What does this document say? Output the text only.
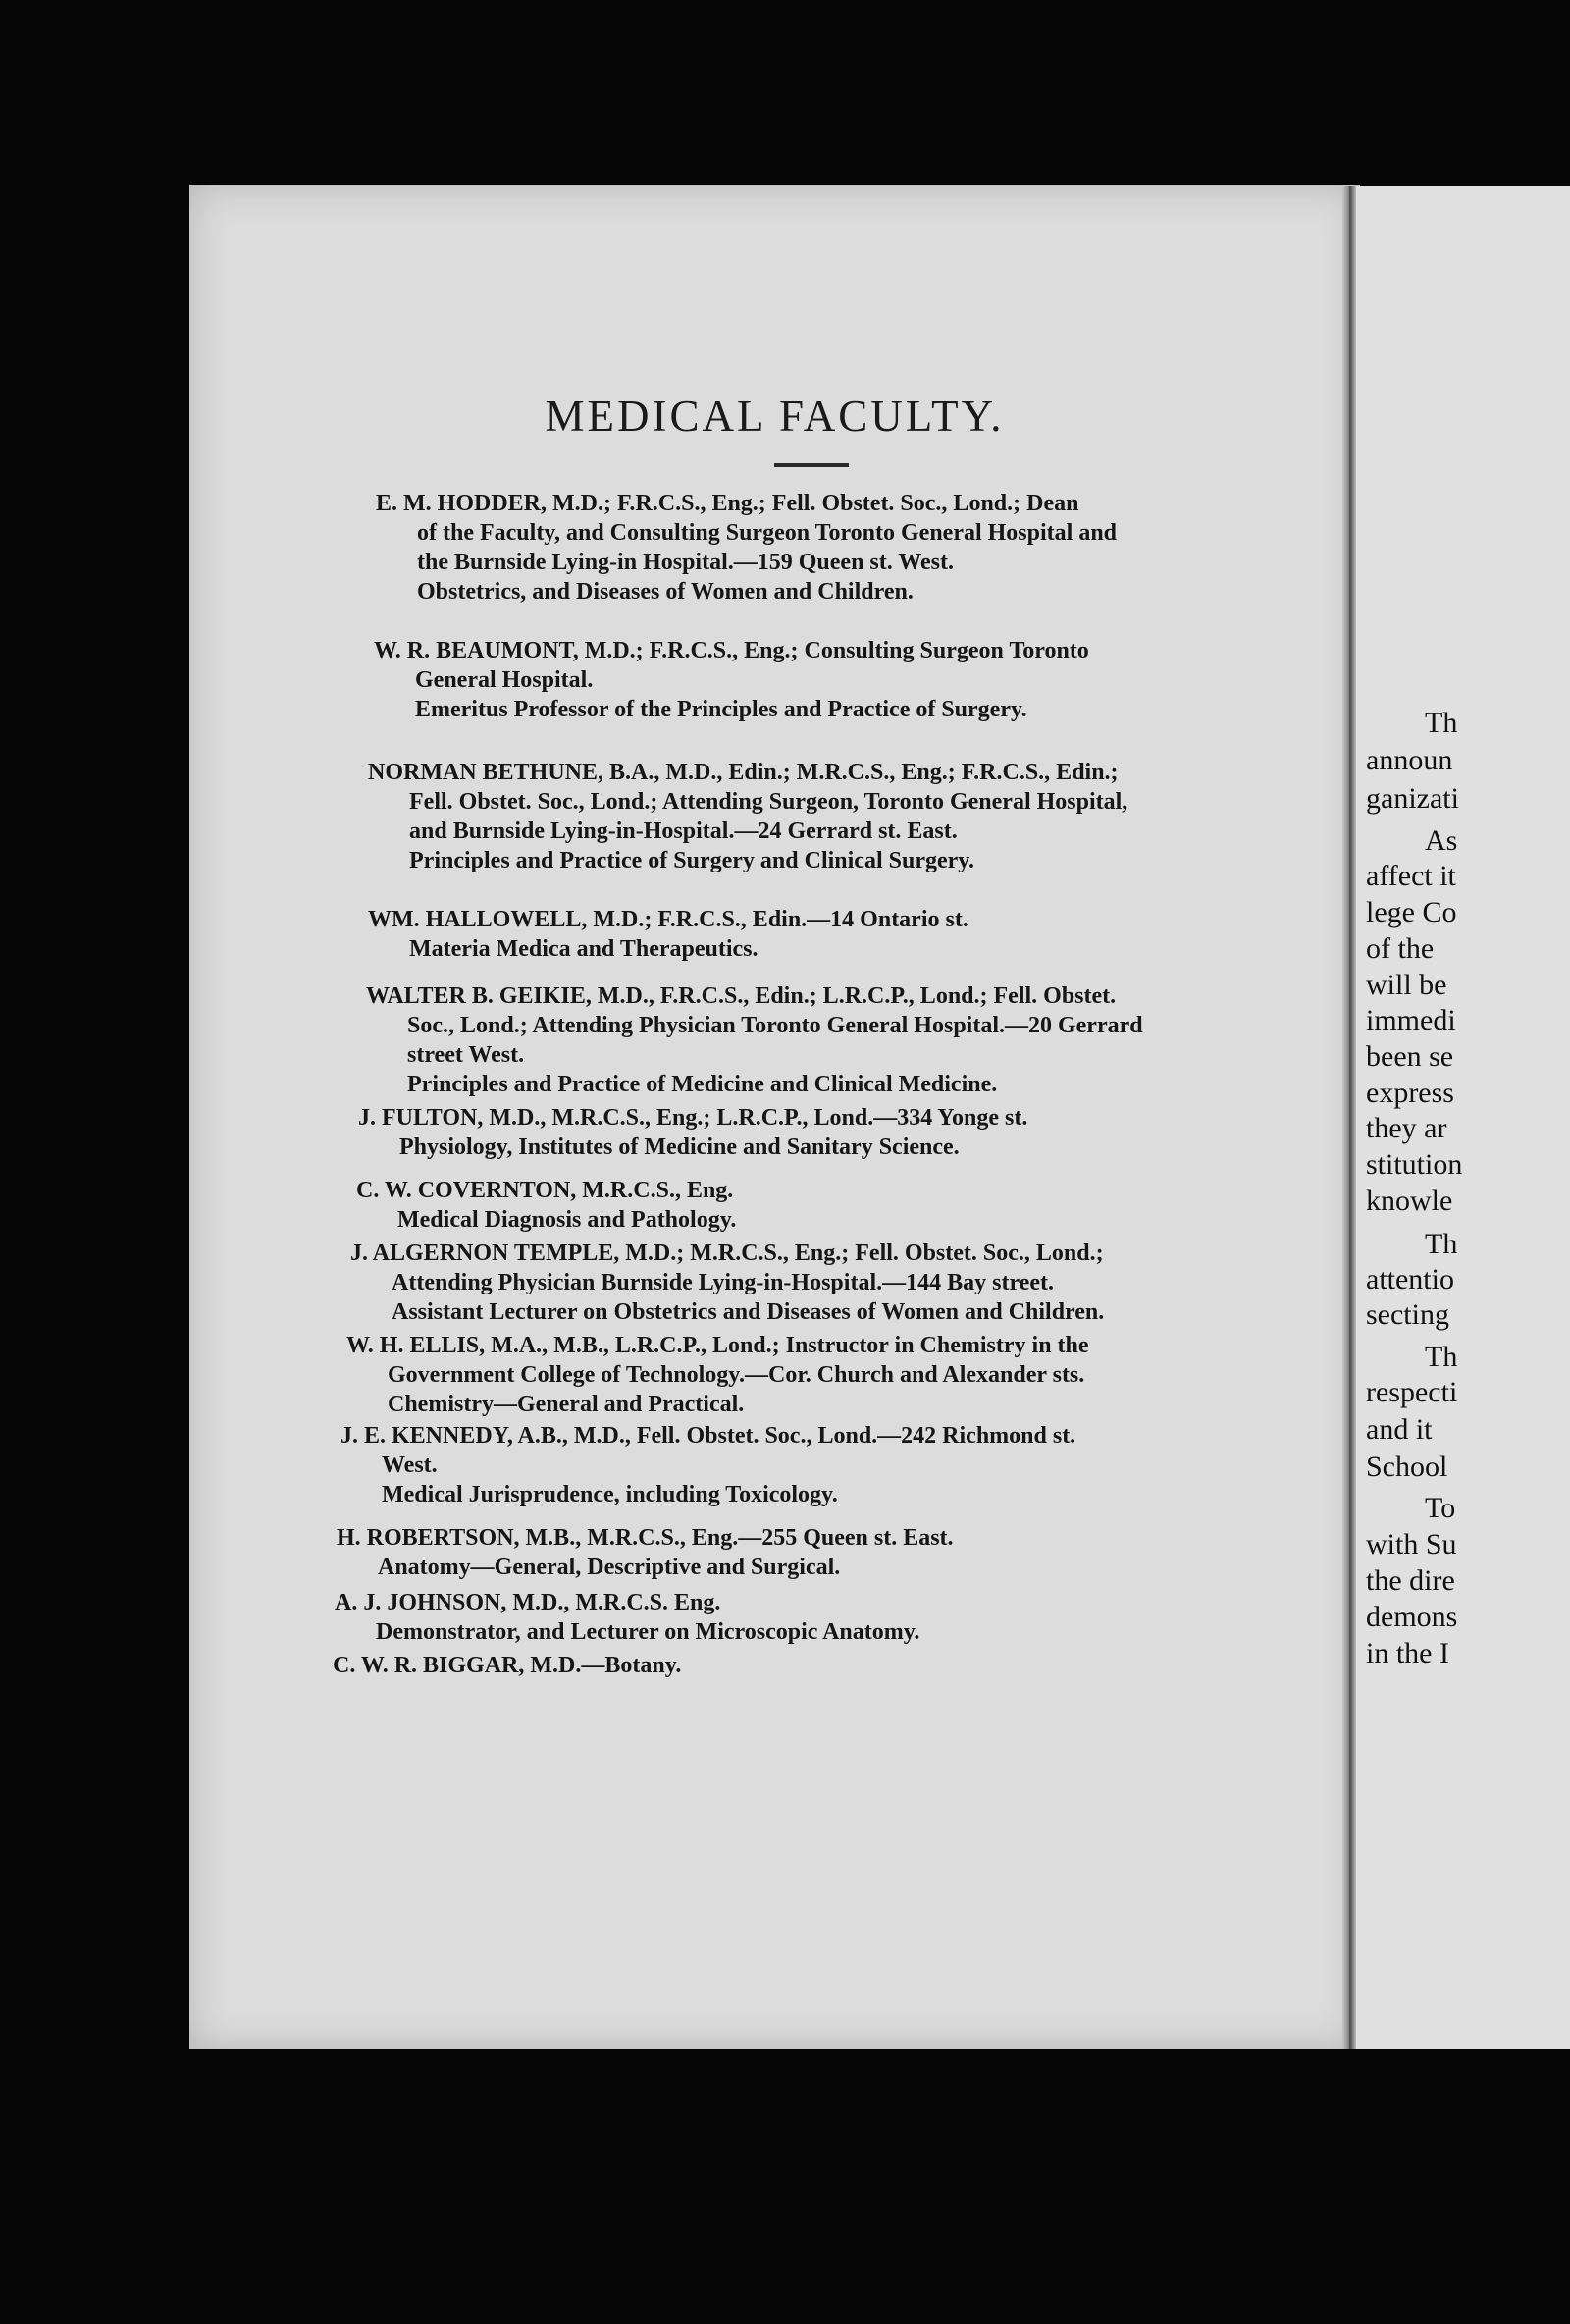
MEDICAL FACULTY.
E. M. HODDER, M.D.; F.R.C.S., Eng.; Fell. Obstet. Soc., Lond.; Dean
of the Faculty, and Consulting Surgeon Toronto General Hospital and
the Burnside Lying-in Hospital.—159 Queen st. West.
Obstetrics, and Diseases of Women and Children.
W. R. BEAUMONT, M.D.; F.R.C.S., Eng.; Consulting Surgeon Toronto
General Hospital.
Emeritus Professor of the Principles and Practice of Surgery.
NORMAN BETHUNE, B.A., M.D., Edin.; M.R.C.S., Eng.; F.R.C.S., Edin.;
Fell. Obstet. Soc., Lond.; Attending Surgeon, Toronto General Hospital,
and Burnside Lying-in-Hospital.—24 Gerrard st. East.
Principles and Practice of Surgery and Clinical Surgery.
WM. HALLOWELL, M.D.; F.R.C.S., Edin.—14 Ontario st.
Materia Medica and Therapeutics.
WALTER B. GEIKIE, M.D., F.R.C.S., Edin.; L.R.C.P., Lond.; Fell. Obstet.
Soc., Lond.; Attending Physician Toronto General Hospital.—20 Gerrard
street West.
Principles and Practice of Medicine and Clinical Medicine.
J. FULTON, M.D., M.R.C.S., Eng.; L.R.C.P., Lond.—334 Yonge st.
Physiology, Institutes of Medicine and Sanitary Science.
C. W. COVERNTON, M.R.C.S., Eng.
Medical Diagnosis and Pathology.
J. ALGERNON TEMPLE, M.D.; M.R.C.S., Eng.; Fell. Obstet. Soc., Lond.;
Attending Physician Burnside Lying-in-Hospital.—144 Bay street.
Assistant Lecturer on Obstetrics and Diseases of Women and Children.
W. H. ELLIS, M.A., M.B., L.R.C.P., Lond.; Instructor in Chemistry in the
Government College of Technology.—Cor. Church and Alexander sts.
Chemistry—General and Practical.
J. E. KENNEDY, A.B., M.D., Fell. Obstet. Soc., Lond.—242 Richmond st.
West.
Medical Jurisprudence, including Toxicology.
H. ROBERTSON, M.B., M.R.C.S., Eng.—255 Queen st. East.
Anatomy—General, Descriptive and Surgical.
A. J. JOHNSON, M.D., M.R.C.S. Eng.
Demonstrator, and Lecturer on Microscopic Anatomy.
C. W. R. BIGGAR, M.D.—Botany.
Th
announ
ganizati
As
affect it
lege Co
of the
will be
immedi
been se
express
they ar
stitution
knowle
Th
attentio
secting
Th
respecti
and it
School
To
with Su
the dire
demons
in the I
